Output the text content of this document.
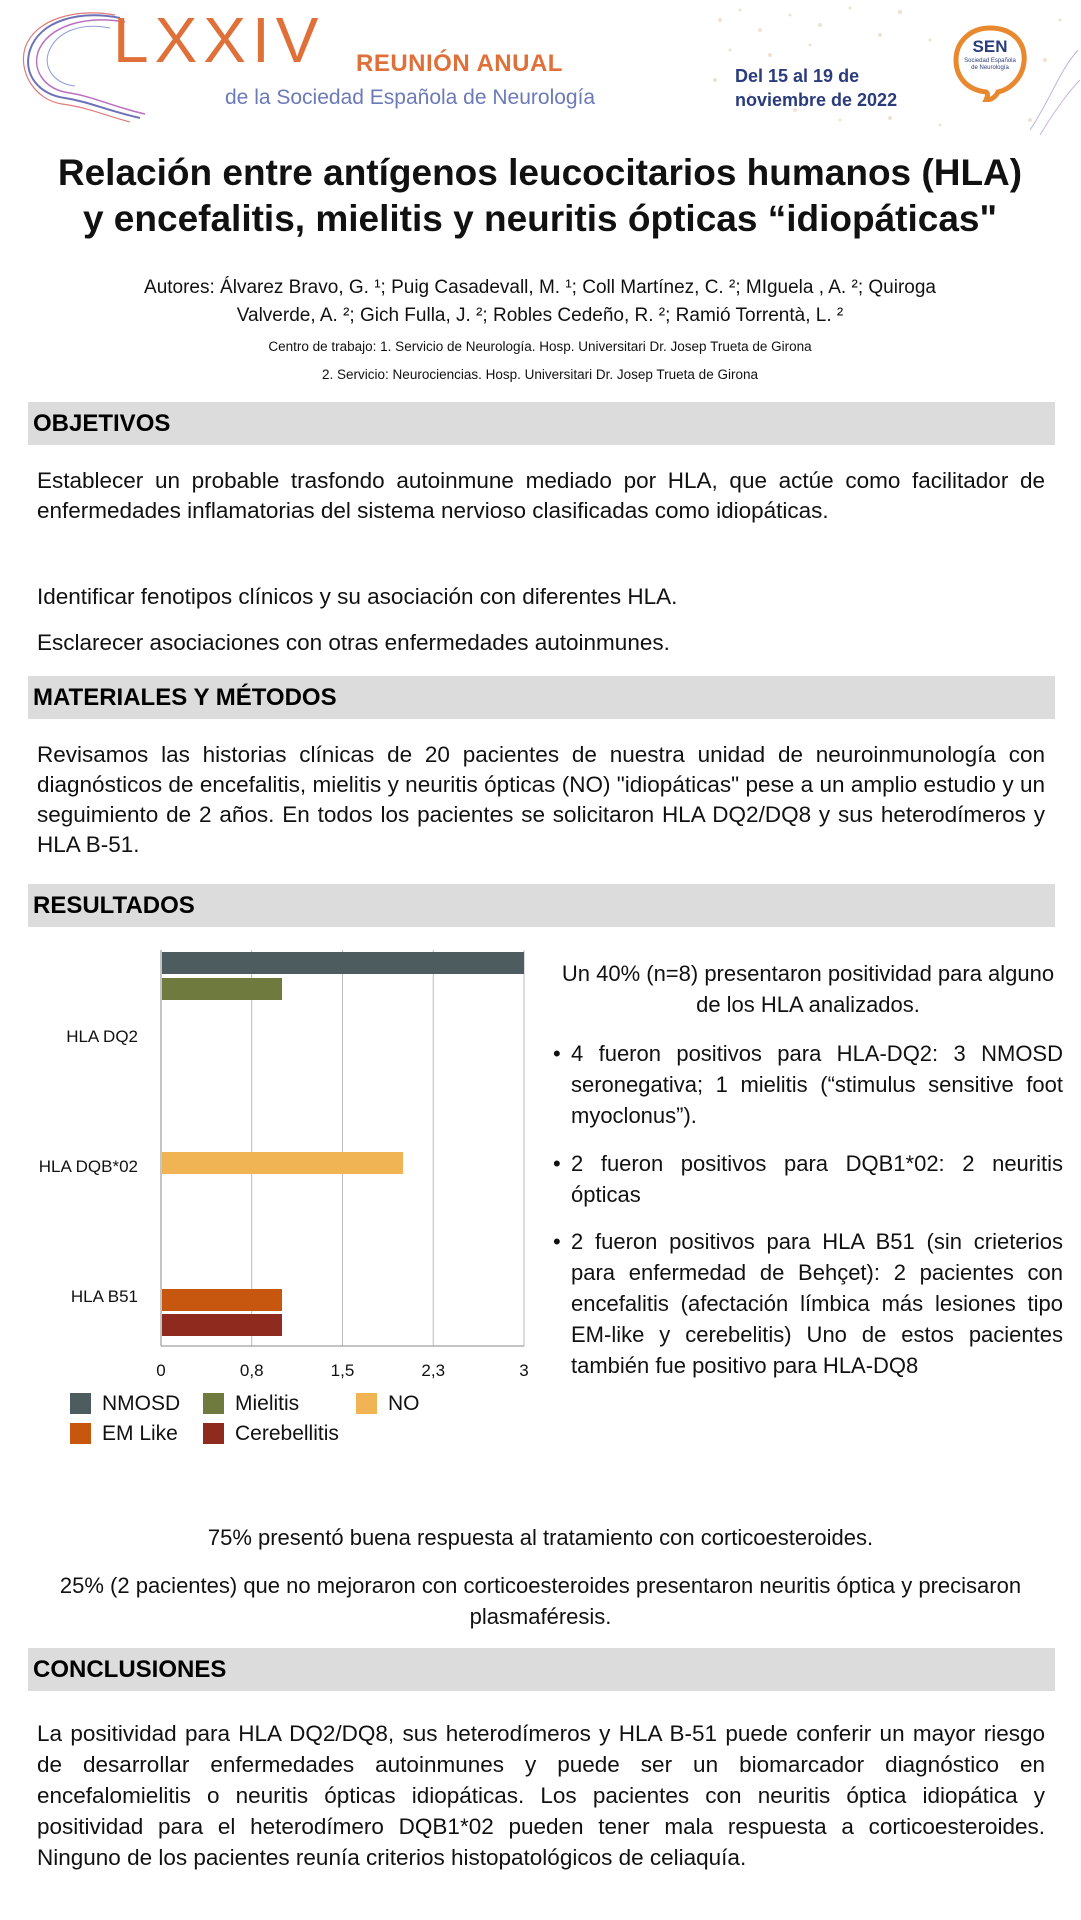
LXXIV REUNIÓN ANUAL
de la Sociedad Española de Neurología
Del 15 al 19 de
noviembre de 2022
SEN
Sociedad Española de Neurología
Relación entre antígenos leucocitarios humanos (HLA)
y encefalitis, mielitis y neuritis ópticas “idiopáticas"
Autores: Álvarez Bravo, G. ¹; Puig Casadevall, M. ¹; Coll Martínez, C. ²; MIguela , A. ²; Quiroga
Valverde, A. ²; Gich Fulla, J. ²; Robles Cedeño, R. ²; Ramió Torrentà, L. ²
Centro de trabajo: 1. Servicio de Neurología. Hosp. Universitari Dr. Josep Trueta de Girona
2. Servicio: Neurociencias. Hosp. Universitari Dr. Josep Trueta de Girona
OBJETIVOS
Establecer un probable trasfondo autoinmune mediado por HLA, que actúe como facilitador de enfermedades inflamatorias del sistema nervioso clasificadas como idiopáticas.
Identificar fenotipos clínicos y su asociación con diferentes HLA.
Esclarecer asociaciones con otras enfermedades autoinmunes.
MATERIALES Y MÉTODOS
Revisamos las historias clínicas de 20 pacientes de nuestra unidad de neuroinmunología con diagnósticos de encefalitis, mielitis y neuritis ópticas (NO) "idiopáticas" pese a un amplio estudio y un seguimiento de 2 años. En todos los pacientes se solicitaron HLA DQ2/DQ8 y sus heterodímeros y HLA B-51.
RESULTADOS
0	0,8	1,5	2,3	3
HLA DQ2
HLA DQB*02
HLA B51
NMOSD	Mielitis	NO
EM Like	Cerebellitis
Un 40% (n=8) presentaron positividad para alguno de los HLA analizados.
• 4 fueron positivos para HLA-DQ2: 3 NMOSD seronegativa; 1 mielitis (“stimulus sensitive foot myoclonus”).
• 2 fueron positivos para DQB1*02: 2 neuritis ópticas
• 2 fueron positivos para HLA B51 (sin crieterios para enfermedad de Behçet): 2 pacientes con encefalitis (afectación límbica más lesiones tipo EM-like y cerebelitis) Uno de estos pacientes también fue positivo para HLA-DQ8
75% presentó buena respuesta al tratamiento con corticoesteroides.
25% (2 pacientes) que no mejoraron con corticoesteroides presentaron neuritis óptica y precisaron plasmaféresis.
CONCLUSIONES
La positividad para HLA DQ2/DQ8, sus heterodímeros y HLA B-51 puede conferir un mayor riesgo de desarrollar enfermedades autoinmunes y puede ser un biomarcador diagnóstico en encefalomielitis o neuritis ópticas idiopáticas. Los pacientes con neuritis óptica idiopática y positividad para el heterodímero DQB1*02 pueden tener mala respuesta a corticoesteroides. Ninguno de los pacientes reunía criterios histopatológicos de celiaquía.
